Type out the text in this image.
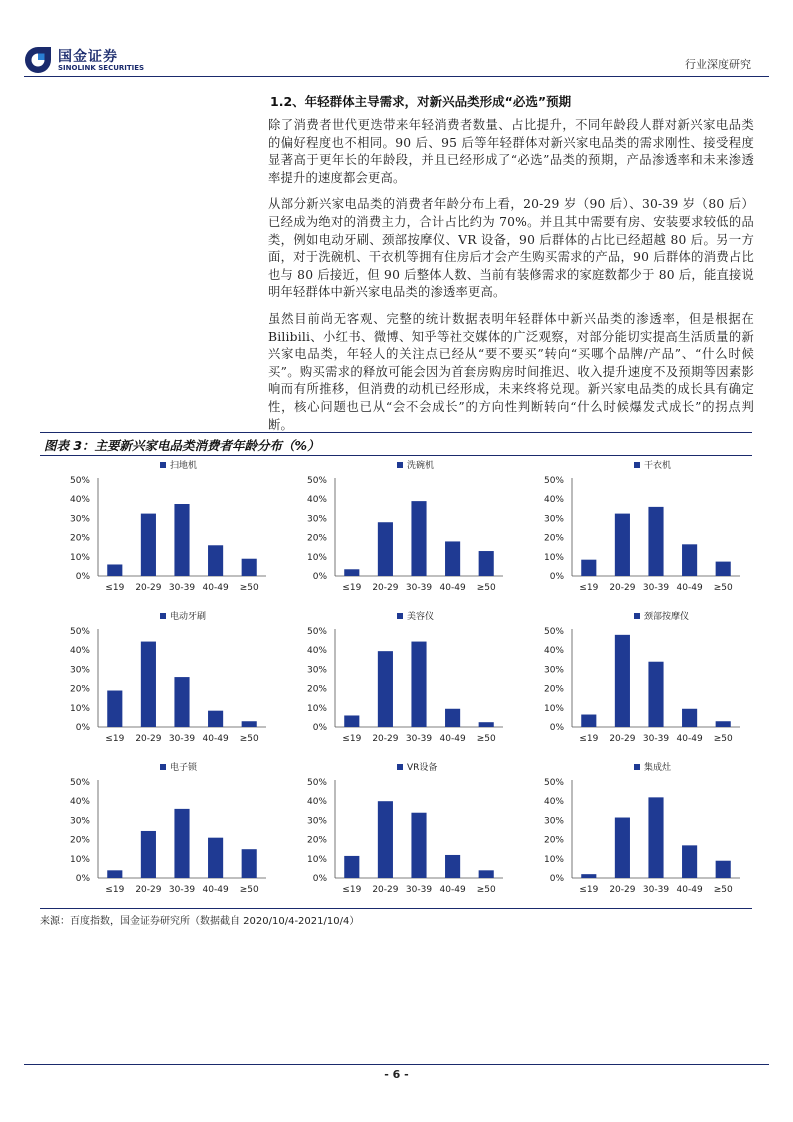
国金证券
SINOLINK SECURITIES	行业深度研究
1.2、年轻群体主导需求，对新兴品类形成“必选”预期

除了消费者世代更迭带来年轻消费者数量、占比提升，不同年龄段人群对新兴家电品类的偏好程度也不相同。90 后、95 后等年轻群体对新兴家电品类的需求刚性、接受程度显著高于更年长的年龄段，并且已经形成了“必选”品类的预期，产品渗透率和未来渗透率提升的速度都会更高。

从部分新兴家电品类的消费者年龄分布上看，20-29 岁（90 后）、30-39 岁（80 后）已经成为绝对的消费主力，合计占比约为 70%。并且其中需要有房、安装要求较低的品类，例如电动牙刷、颈部按摩仪、VR 设备，90 后群体的占比已经超越 80 后。另一方面，对于洗碗机、干衣机等拥有住房后才会产生购买需求的产品，90 后群体的消费占比也与 80 后接近，但 90 后整体人数、当前有装修需求的家庭数都少于 80 后，能直接说明年轻群体中新兴家电品类的渗透率更高。

虽然目前尚无客观、完整的统计数据表明年轻群体中新兴品类的渗透率，但是根据在 Bilibili、小红书、微博、知乎等社交媒体的广泛观察，对部分能切实提高生活质量的新兴家电品类，年轻人的关注点已经从“要不要买”转向“买哪个品牌/产品”、“什么时候买”。购买需求的释放可能会因为首套房购房时间推迟、收入提升速度不及预期等因素影响而有所推移，但消费的动机已经形成，未来终将兑现。新兴家电品类的成长具有确定性，核心问题也已从“会不会成长”的方向性判断转向“什么时候爆发式成长”的拐点判断。

图表 3：主要新兴家电品类消费者年龄分布（%）
扫地机
0%
10%
20%
30%
40%
50%
≤19 20-29 30-39 40-49 ≥50
洗碗机
0%
10%
20%
30%
40%
50%
≤19 20-29 30-39 40-49 ≥50
干衣机
0%
10%
20%
30%
40%
50%
≤19 20-29 30-39 40-49 ≥50
电动牙刷
0%
10%
20%
30%
40%
50%
≤19 20-29 30-39 40-49 ≥50
美容仪
0%
10%
20%
30%
40%
50%
≤19 20-29 30-39 40-49 ≥50
颈部按摩仪
0%
10%
20%
30%
40%
50%
≤19 20-29 30-39 40-49 ≥50
电子锁
0%
10%
20%
30%
40%
50%
≤19 20-29 30-39 40-49 ≥50
VR设备
0%
10%
20%
30%
40%
50%
≤19 20-29 30-39 40-49 ≥50
集成灶
0%
10%
20%
30%
40%
50%
≤19 20-29 30-39 40-49 ≥50
来源：百度指数，国金证券研究所（数据截自 2020/10/4-2021/10/4）
- 6 -
